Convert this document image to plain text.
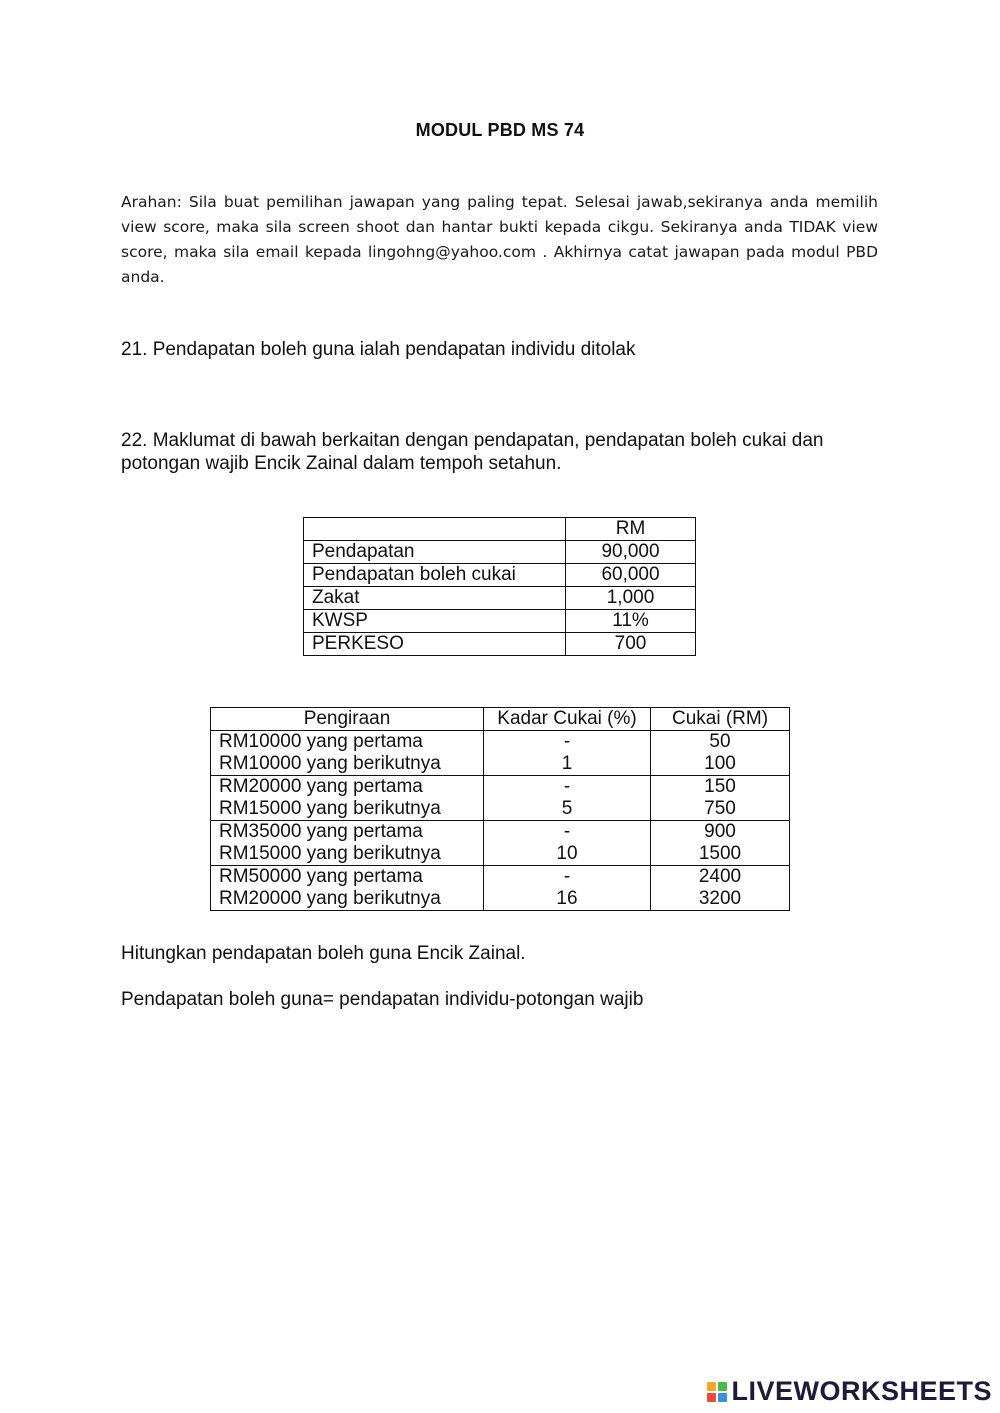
MODUL PBD MS 74
Arahan: Sila buat pemilihan jawapan yang paling tepat. Selesai jawab,sekiranya anda memilih view score, maka sila screen shoot dan hantar bukti kepada cikgu. Sekiranya anda TIDAK view score, maka sila email kepada lingohng@yahoo.com . Akhirnya catat jawapan pada modul PBD anda.
21. Pendapatan boleh guna ialah pendapatan individu ditolak
22. Maklumat di bawah berkaitan dengan pendapatan, pendapatan boleh cukai dan potongan wajib Encik Zainal dalam tempoh setahun.
	RM
Pendapatan	90,000
Pendapatan boleh cukai	60,000
Zakat	1,000
KWSP	11%
PERKESO	700
Pengiraan	Kadar Cukai (%)	Cukai (RM)
RM10000 yang pertama	-	50
RM10000 yang berikutnya	1	100
RM20000 yang pertama	-	150
RM15000 yang berikutnya	5	750
RM35000 yang pertama	-	900
RM15000 yang berikutnya	10	1500
RM50000 yang pertama	-	2400
RM20000 yang berikutnya	16	3200
Hitungkan pendapatan boleh guna Encik Zainal.
Pendapatan boleh guna= pendapatan individu-potongan wajib
LIVEWORKSHEETS
